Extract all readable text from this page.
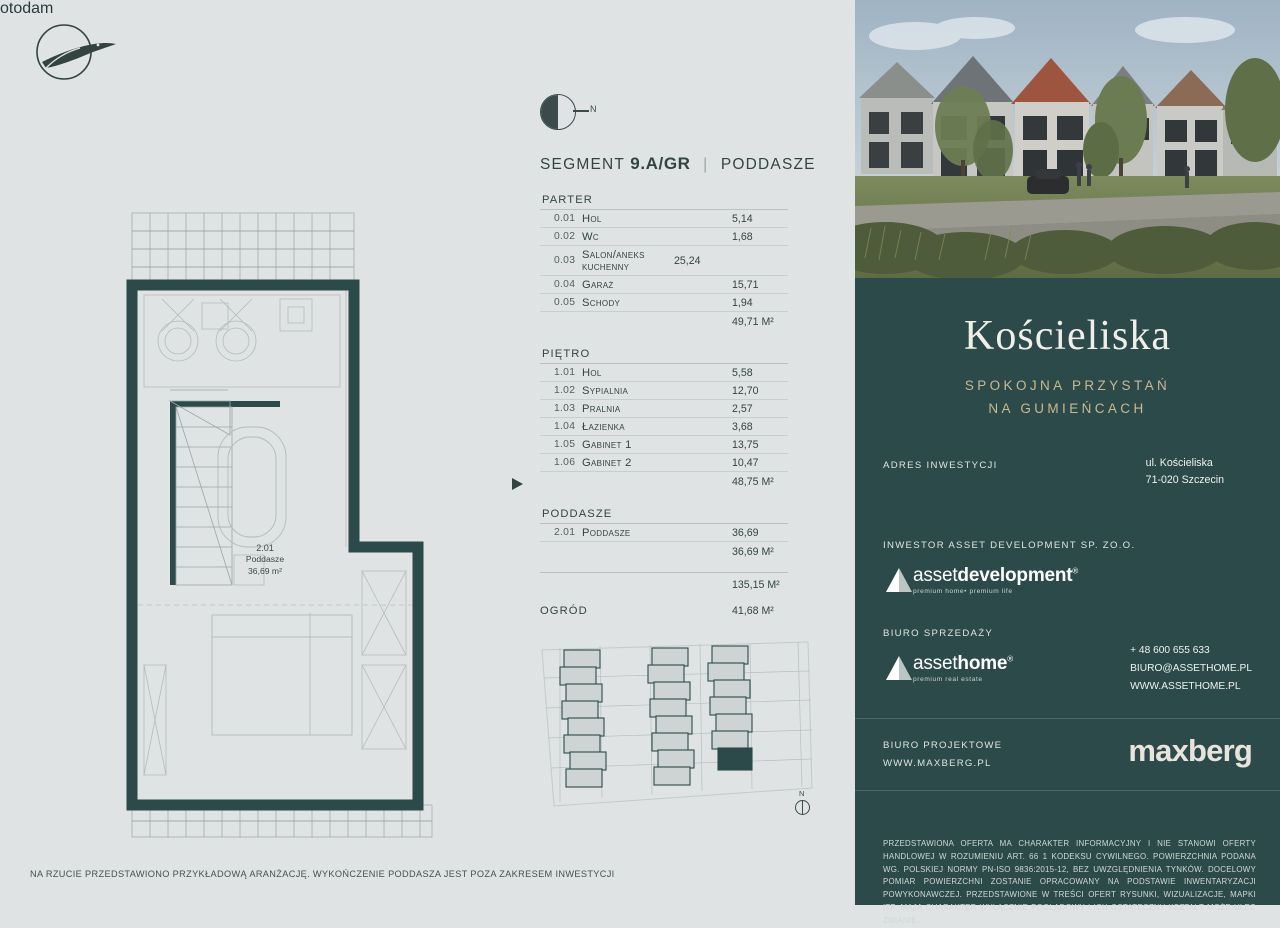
N
SEGMENT 9.A/GR | PODDASZE
PARTER
0.01 Hol	5,14
0.02 Wc	1,68
0.03 Salon/aneks kuchenny	25,24
0.04 Garaż	15,71
0.05 Schody	1,94
49,71 M²
PIĘTRO
1.01 Hol	5,58
1.02 Sypialnia	12,70
1.03 Pralnia	2,57
1.04 Łazienka	3,68
1.05 Gabinet 1	13,75
1.06 Gabinet 2	10,47
48,75 M²
PODDASZE
2.01 Poddasze	36,69
36,69 M²
135,15 M²
OGRÓD	41,68 M²
2.01
Poddasze
36,69 m²
N
NA RZUCIE PRZEDSTAWIONO PRZYKŁADOWĄ ARANŻACJĘ. WYKOŃCZENIE PODDASZA JEST POZA ZAKRESEM INWESTYCJI
otodam
Kościeliska
SPOKOJNA PRZYSTAŃ
NA GUMIEŃCACH
ADRES INWESTYCJI	ul. Kościeliska
71-020 Szczecin
INWESTOR ASSET DEVELOPMENT SP. ZO.O.
assetdevelopment®
premium home• premium life
BIURO SPRZEDAŻY
assethome®
premium real estate
+ 48 600 655 633
BIURO@ASSETHOME.PL
WWW.ASSETHOME.PL
BIURO PROJEKTOWE
WWW.MAXBERG.PL	maxberg
PRZEDSTAWIONA OFERTA MA CHARAKTER INFORMACYJNY I NIE STANOWI OFERTY HANDLOWEJ W ROZUMIENIU ART. 66 1 KODEKSU CYWILNEGO. POWIERZCHNIA PODANA WG. POLSKIEJ NORMY PN-ISO 9836:2015-12, BEZ UWZGLĘDNIENIA TYNKÓW. DOCELOWY POMIAR POWIERZCHNI ZOSTANIE OPRACOWANY NA PODSTAWIE INWENTARYZACJI POWYKONAWCZEJ. PRZEDSTAWIONE W TREŚCI OFERT RYSUNKI, WIZUALIZACJE, MAPKI ITP. MAJĄ CHARAKTER WYŁĄCZNIE POGLĄDOWY I ICH OSTATECZNY KSZTAŁT MOŻE ULEC ZMIANIE.
